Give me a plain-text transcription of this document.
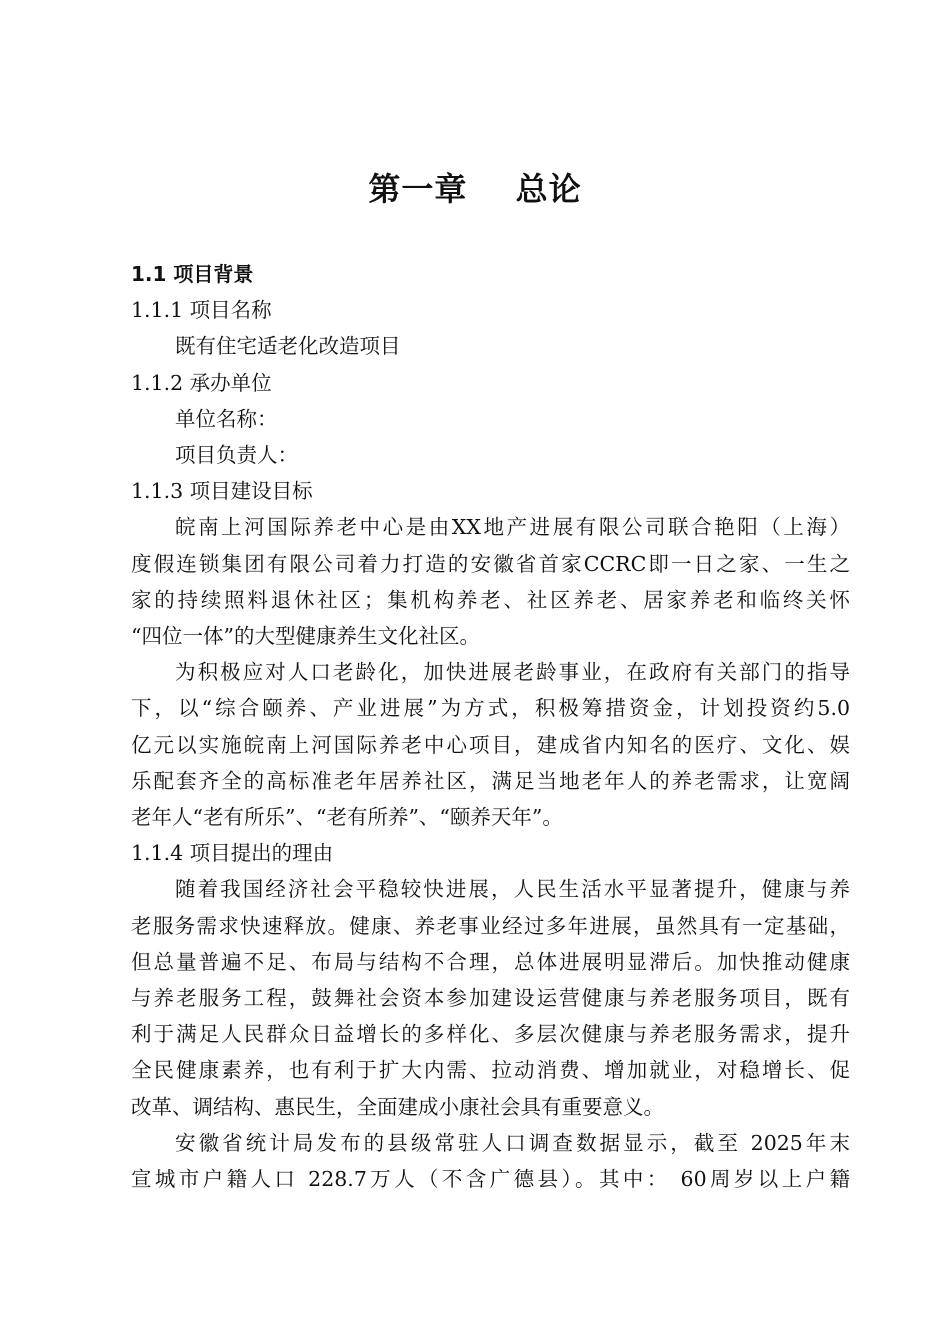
第一章  总论

1.1 项目背景

1.1.1 项目名称

既有住宅适老化改造项目

1.1.2 承办单位

单位名称：

项目负责人：

1.1.3 项目建设目标

皖南上河国际养老中心是由XX地产进展有限公司联合艳阳（上海）
度假连锁集团有限公司着力打造的安徽省首家CCRC即一日之家、一生之
家的持续照料退休社区；集机构养老、社区养老、居家养老和临终关怀
“四位一体”的大型健康养生文化社区。
为积极应对人口老龄化，加快进展老龄事业，在政府有关部门的指导
下，以“综合颐养、产业进展”为方式，积极筹措资金，计划投资约5.0
亿元以实施皖南上河国际养老中心项目，建成省内知名的医疗、文化、娱
乐配套齐全的高标准老年居养社区，满足当地老年人的养老需求，让宽阔
老年人“老有所乐”、“老有所养”、“颐养天年”。

1.1.4 项目提出的理由

随着我国经济社会平稳较快进展，人民生活水平显著提升，健康与养
老服务需求快速释放。健康、养老事业经过多年进展，虽然具有一定基础，
但总量普遍不足、布局与结构不合理，总体进展明显滞后。加快推动健康
与养老服务工程，鼓舞社会资本参加建设运营健康与养老服务项目，既有
利于满足人民群众日益增长的多样化、多层次健康与养老服务需求，提升
全民健康素养，也有利于扩大内需、拉动消费、增加就业，对稳增长、促
改革、调结构、惠民生，全面建成小康社会具有重要意义。
安徽省统计局发布的县级常驻人口调查数据显示，截至 2025年末
宣城市户籍人口 228.7万人（不含广德县）。其中： 60周岁以上户籍
